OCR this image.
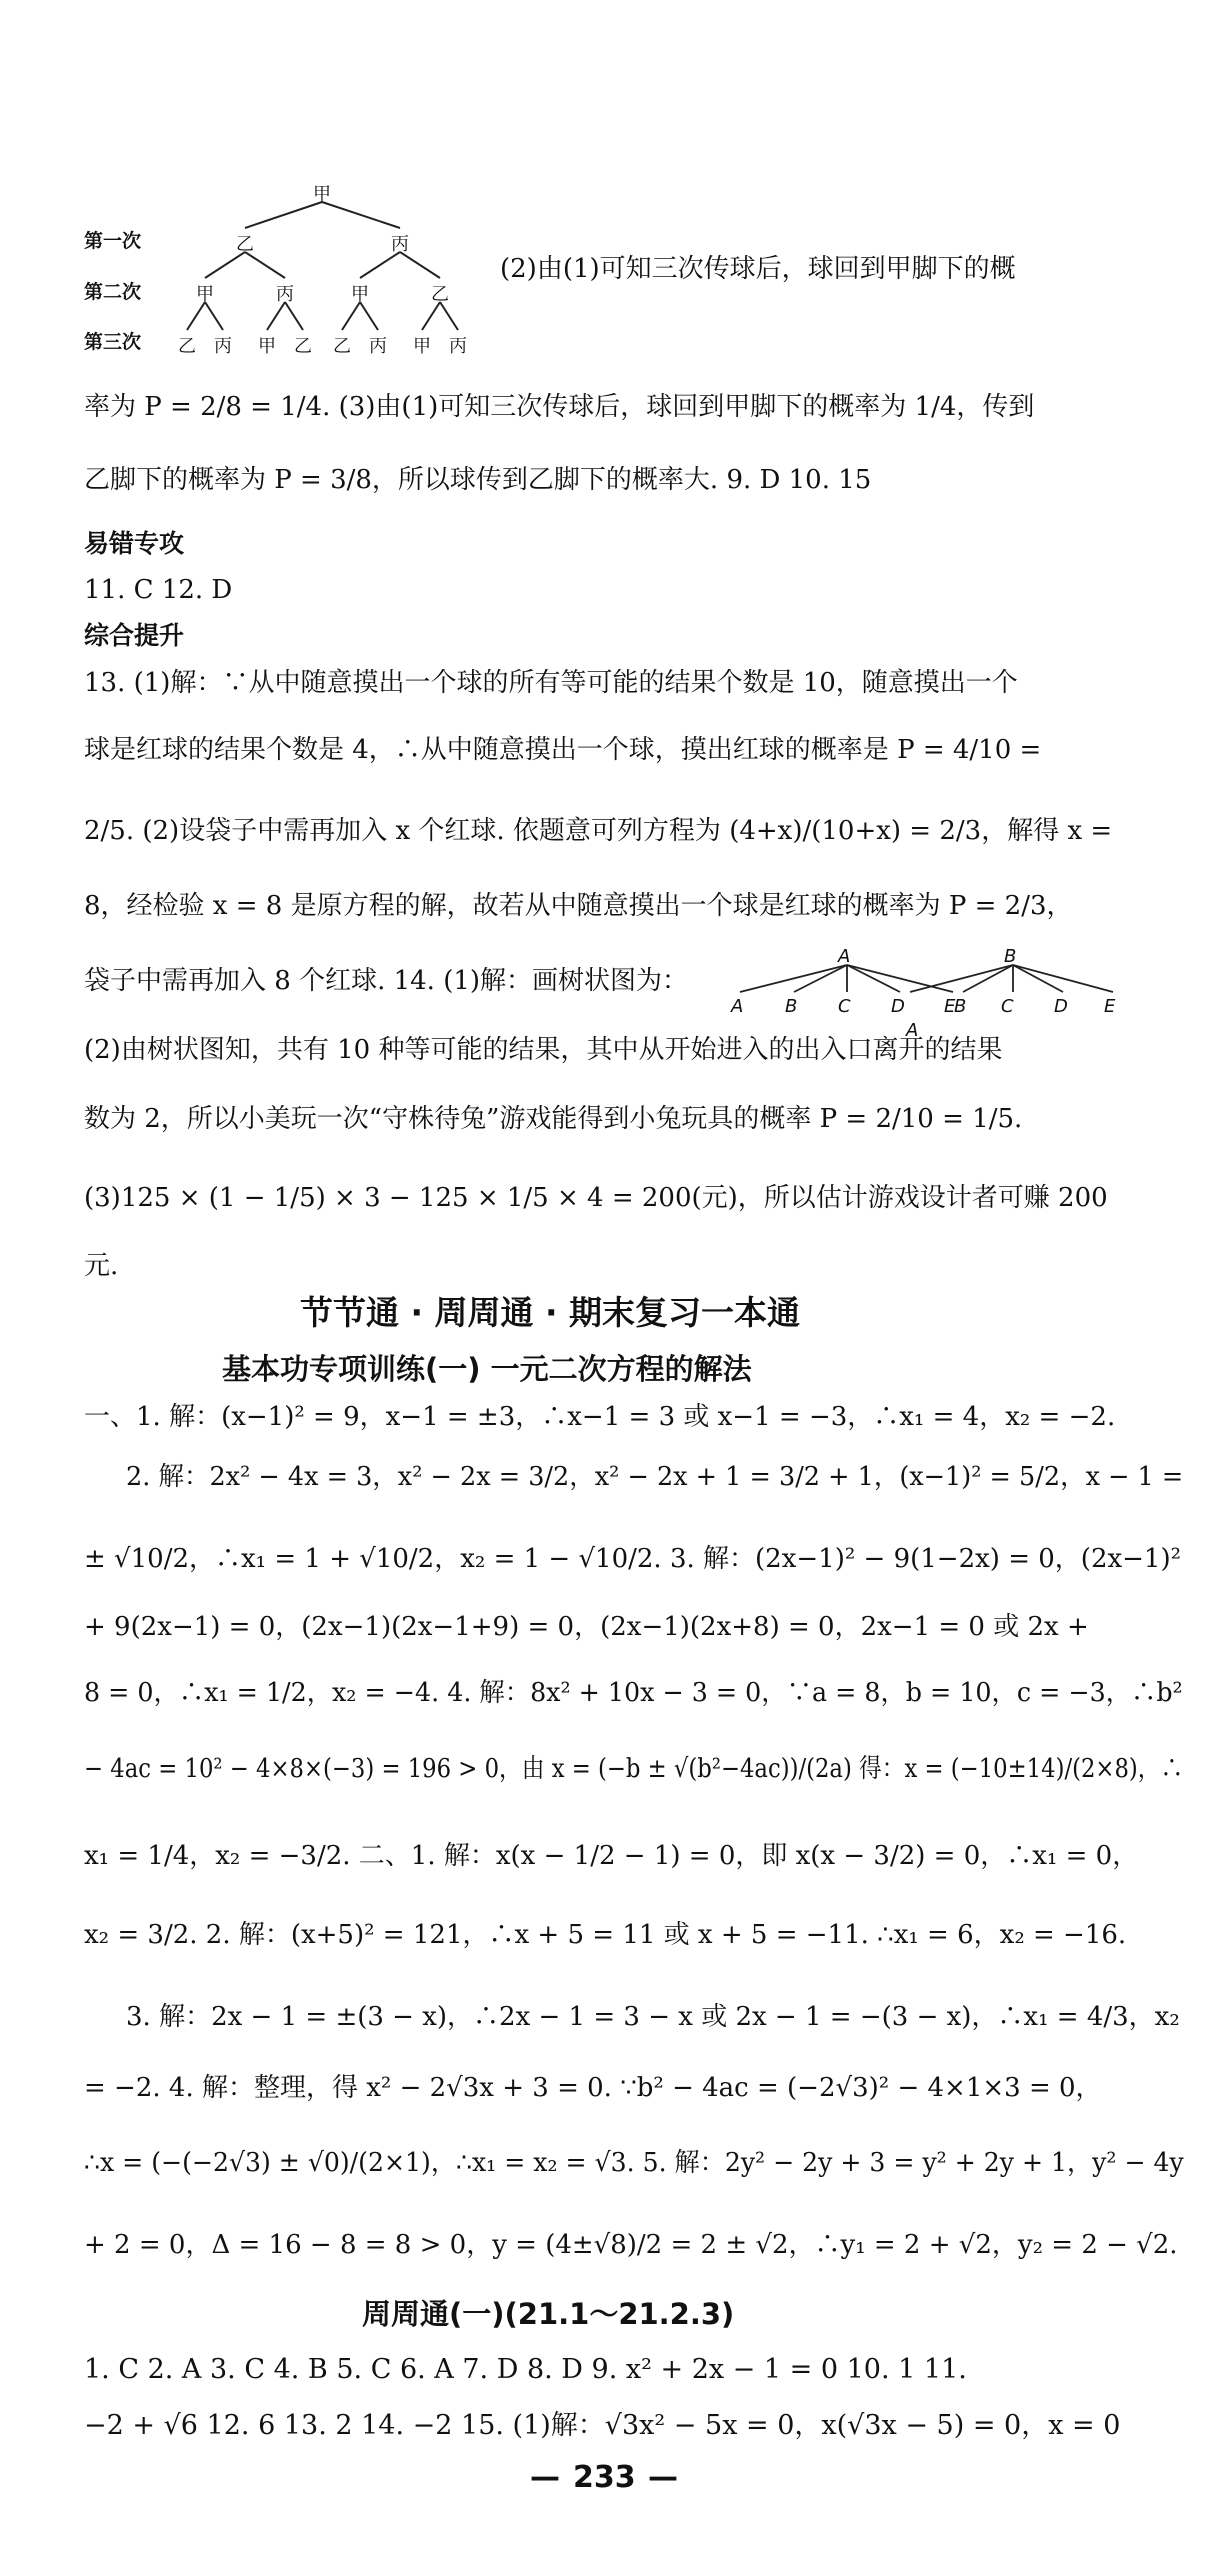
第一次
第二次
第三次
甲
乙	丙
甲	丙	甲	乙
乙 丙 甲 乙 乙 丙 甲 丙
(2)由(1)可知三次传球后，球回到甲脚下的概
率为 P = 2/8 = 1/4. (3)由(1)可知三次传球后，球回到甲脚下的概率为 1/4，传到
乙脚下的概率为 P = 3/8，所以球传到乙脚下的概率大. 9. D 10. 15
易错专攻
11. C 12. D
综合提升
13. (1)解：∵从中随意摸出一个球的所有等可能的结果个数是 10，随意摸出一个
球是红球的结果个数是 4，∴从中随意摸出一个球，摸出红球的概率是 P = 4/10 =
2/5. (2)设袋子中需再加入 x 个红球. 依题意可列方程为 (4+x)/(10+x) = 2/3，解得 x =
8，经检验 x = 8 是原方程的解，故若从中随意摸出一个球是红球的概率为 P = 2/3，
袋子中需再加入 8 个红球. 14. (1)解：画树状图为：
A	B
A B C D E	C
B	D E
A
(2)由树状图知，共有 10 种等可能的结果，其中从开始进入的出入口离开的结果
数为 2，所以小美玩一次“守株待兔”游戏能得到小兔玩具的概率 P = 2/10 = 1/5.
(3)125 × (1 − 1/5) × 3 − 125 × 1/5 × 4 = 200(元)，所以估计游戏设计者可赚 200
元.
节节通 · 周周通 · 期末复习一本通
基本功专项训练(一) 一元二次方程的解法
一、1. 解：(x−1)² = 9，x−1 = ±3，∴x−1 = 3 或 x−1 = −3，∴x₁ = 4，x₂ = −2.
2. 解：2x² − 4x = 3，x² − 2x = 3/2，x² − 2x + 1 = 3/2 + 1，(x−1)² = 5/2，x − 1 =
± √10/2，∴x₁ = 1 + √10/2，x₂ = 1 − √10/2. 3. 解：(2x−1)² − 9(1−2x) = 0，(2x−1)²
+ 9(2x−1) = 0，(2x−1)(2x−1+9) = 0，(2x−1)(2x+8) = 0，2x−1 = 0 或 2x +
8 = 0，∴x₁ = 1/2，x₂ = −4. 4. 解：8x² + 10x − 3 = 0，∵a = 8，b = 10，c = −3，∴b²
− 4ac = 10² − 4×8×(−3) = 196 > 0，由 x = (−b ± √(b²−4ac))/(2a) 得：x = (−10±14)/(2×8)，∴
x₁ = 1/4，x₂ = −3/2. 二、1. 解：x(x − 1/2 − 1) = 0，即 x(x − 3/2) = 0，∴x₁ = 0，
x₂ = 3/2. 2. 解：(x+5)² = 121，∴x + 5 = 11 或 x + 5 = −11. ∴x₁ = 6，x₂ = −16.
3. 解：2x − 1 = ±(3 − x)，∴2x − 1 = 3 − x 或 2x − 1 = −(3 − x)，∴x₁ = 4/3，x₂
= −2. 4. 解：整理，得 x² − 2√3x + 3 = 0. ∵b² − 4ac = (−2√3)² − 4×1×3 = 0，
∴x = (−(−2√3) ± √0)/(2×1)，∴x₁ = x₂ = √3. 5. 解：2y² − 2y + 3 = y² + 2y + 1，y² − 4y
+ 2 = 0，Δ = 16 − 8 = 8 > 0，y = (4±√8)/2 = 2 ± √2，∴y₁ = 2 + √2，y₂ = 2 − √2.
周周通(一)(21.1～21.2.3)
1. C 2. A 3. C 4. B 5. C 6. A 7. D 8. D 9. x² + 2x − 1 = 0 10. 1 11.
−2 + √6 12. 6 13. 2 14. −2 15. (1)解：√3x² − 5x = 0，x(√3x − 5) = 0，x = 0
— 233 —
